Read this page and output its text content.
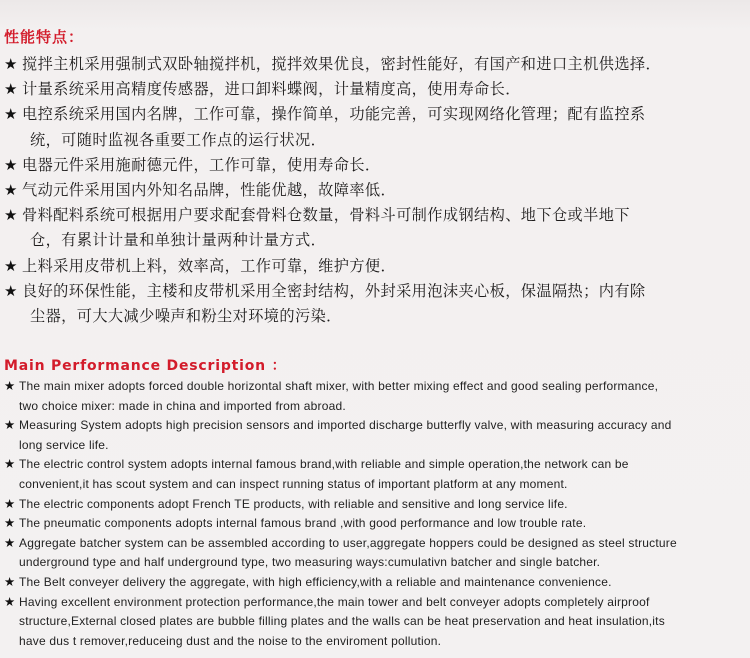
性能特点：
★ 搅拌主机采用强制式双卧轴搅拌机，搅拌效果优良，密封性能好，有国产和进口主机供选择．
★ 计量系统采用高精度传感器，进口卸料蝶阀，计量精度高，使用寿命长．
★ 电控系统采用国内名牌，工作可靠，操作简单，功能完善，可实现网络化管理；配有监控系
统，可随时监视各重要工作点的运行状况．
★ 电器元件采用施耐德元件，工作可靠，使用寿命长．
★ 气动元件采用国内外知名品牌，性能优越，故障率低．
★ 骨料配料系统可根据用户要求配套骨料仓数量，骨料斗可制作成钢结构、地下仓或半地下
仓，有累计计量和单独计量两种计量方式．
★ 上料采用皮带机上料，效率高，工作可靠，维护方便．
★ 良好的环保性能，主楼和皮带机采用全密封结构，外封采用泡沫夹心板，保温隔热；内有除
尘器，可大大减少噪声和粉尘对环境的污染．
Main Performance Description ：
★ The main mixer adopts forced double horizontal shaft mixer, with better mixing effect and good sealing performance,
two choice mixer: made in china and imported from abroad.
★ Measuring System adopts high precision sensors and imported discharge butterfly valve, with measuring accuracy and
long service life.
★ The electric control system adopts internal famous brand,with reliable and simple operation,the network can be
convenient,it has scout system and can inspect running status of important platform at any moment.
★ The electric components adopt French TE products, with reliable and sensitive and long service life.
★ The pneumatic components adopts internal famous brand ,with good performance and low trouble rate.
★ Aggregate batcher system can be assembled according to user,aggregate hoppers could be designed as steel structure
underground type and half underground type, two measuring ways:cumulativn batcher and single batcher.
★ The Belt conveyer delivery the aggregate, with high efficiency,with a reliable and maintenance convenience.
★ Having excellent environment protection performance,the main tower and belt conveyer adopts completely airproof
structure,External closed plates are bubble filling plates and the walls can be heat preservation and heat insulation,its
have dus t remover,reduceing dust and the noise to the enviroment pollution.
